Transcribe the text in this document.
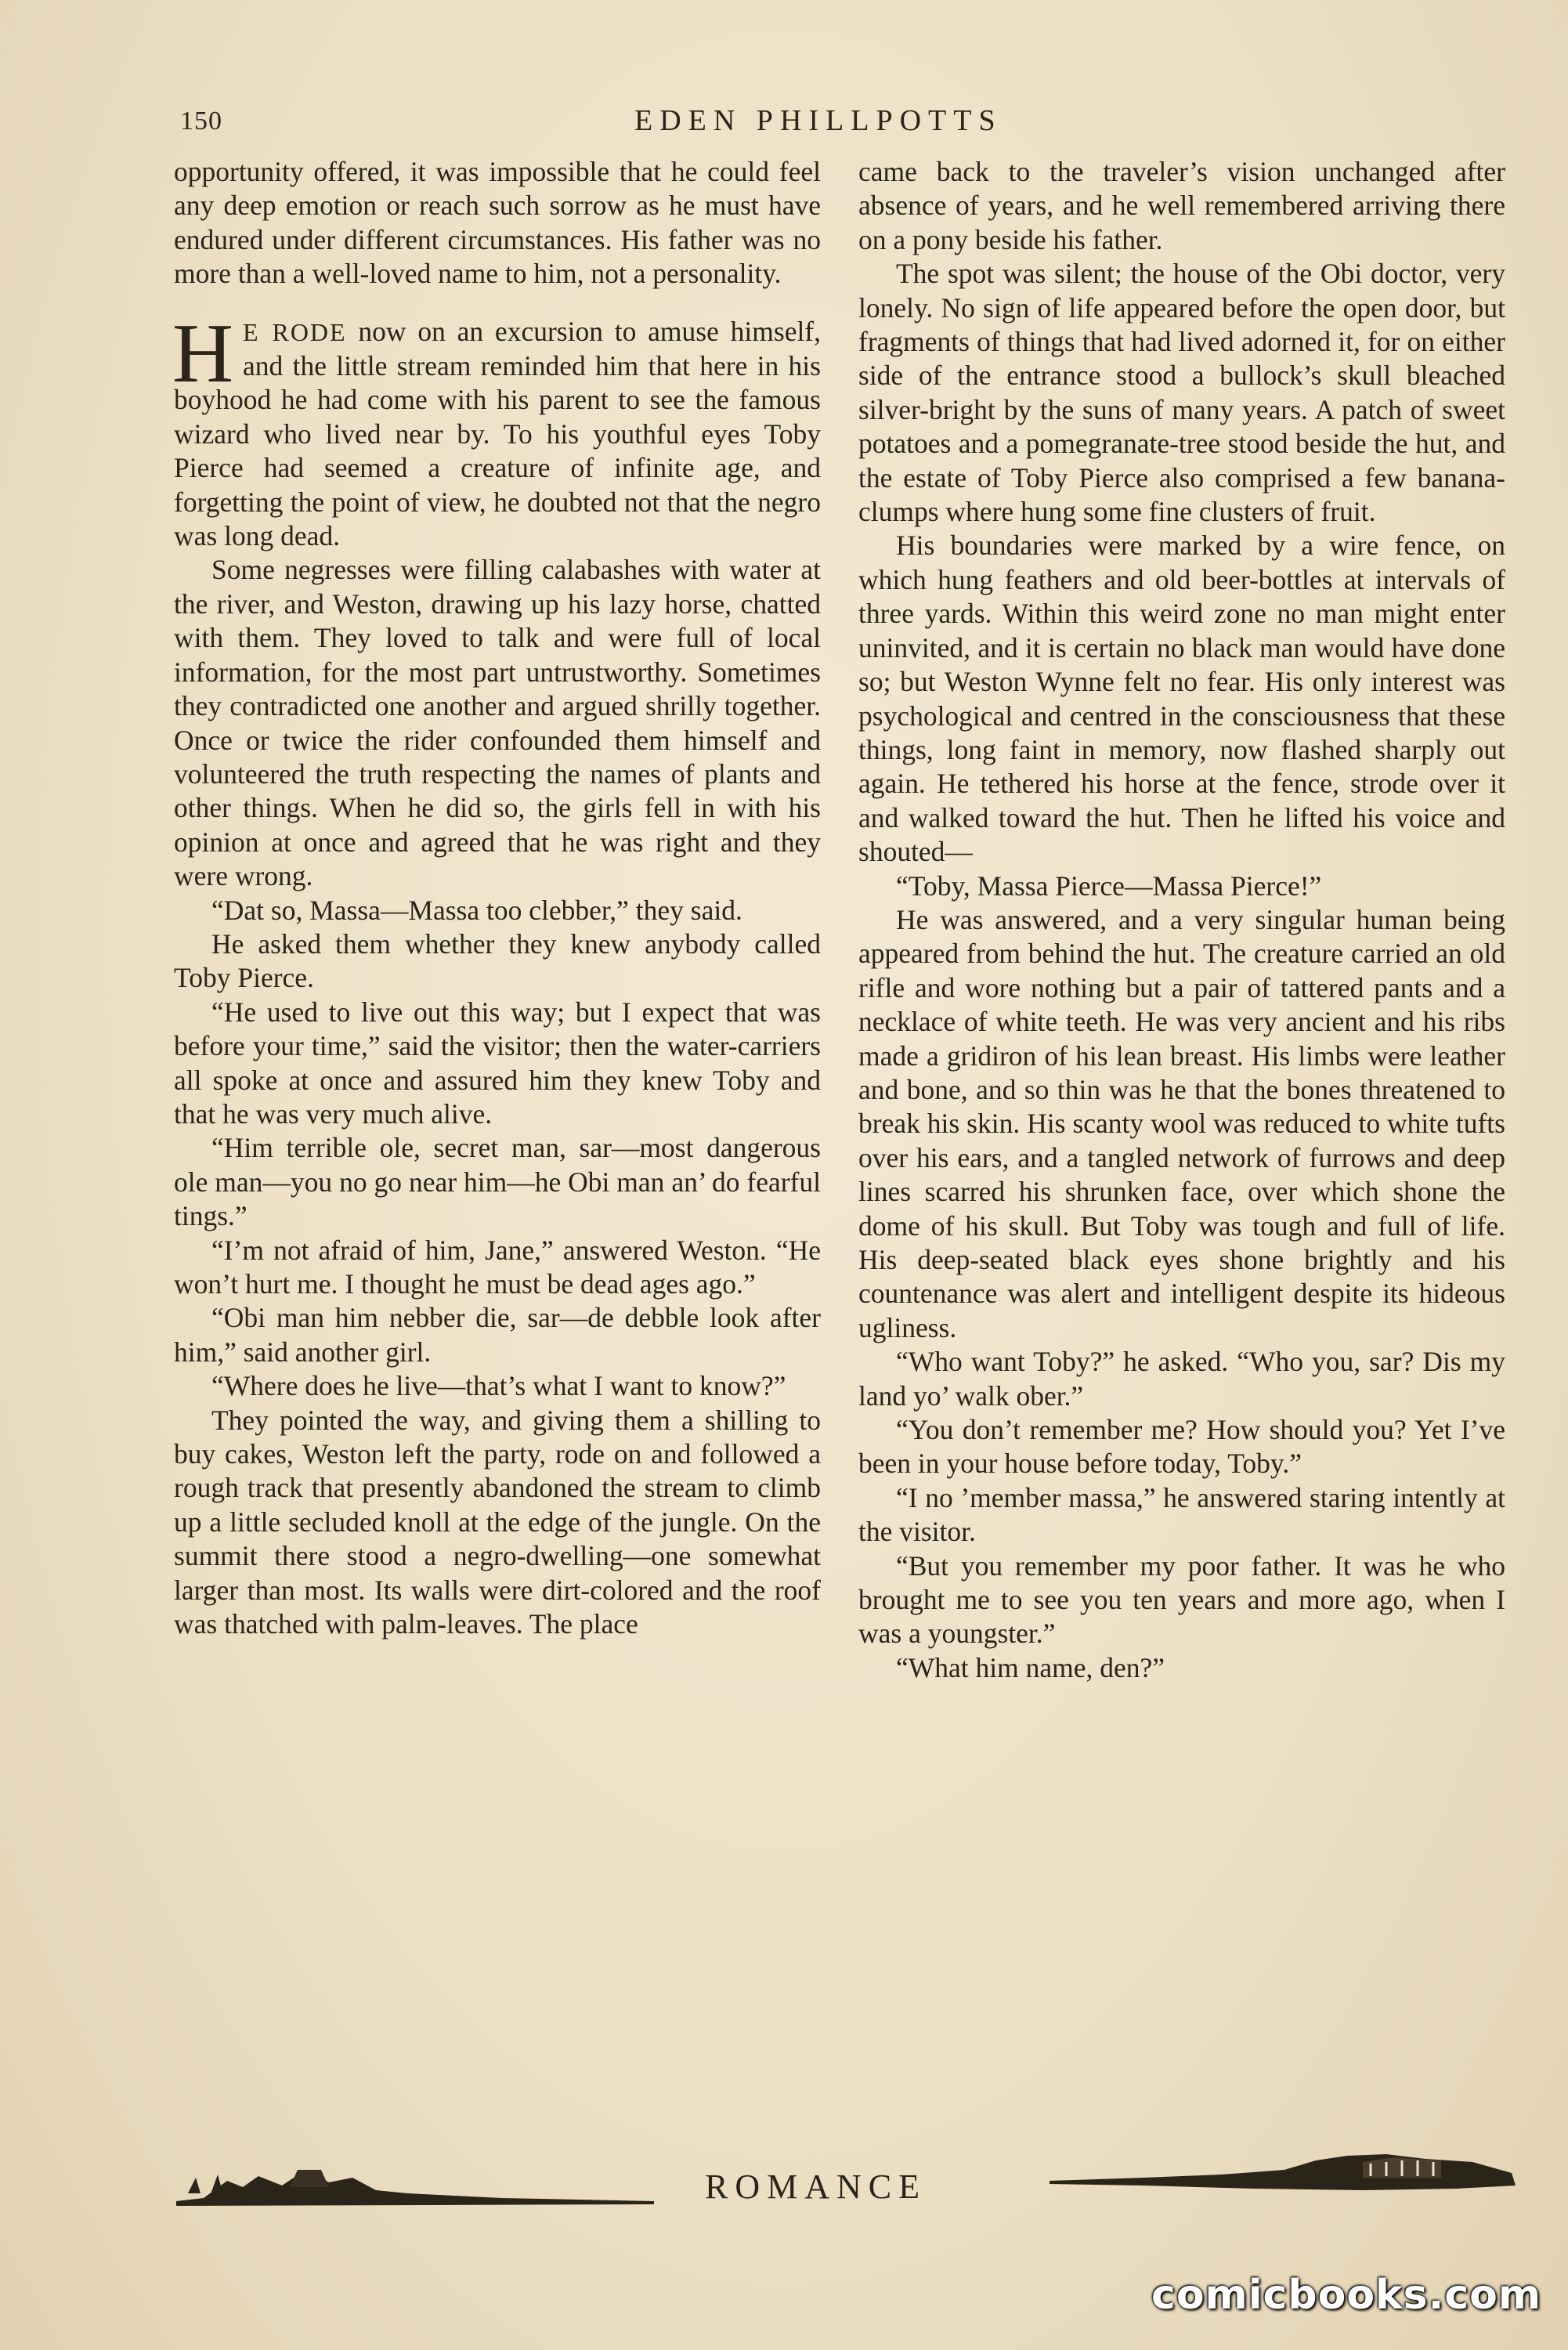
150	EDEN PHILLPOTTS

opportunity offered, it was impossible that he could feel any deep emotion or reach such sorrow as he must have endured under different circumstances. His father was no more than a well-loved name to him, not a personality.

H E RODE now on an excursion to amuse himself, and the little stream reminded him that here in his boyhood he had come with his parent to see the famous wizard who lived near by. To his youthful eyes Toby Pierce had seemed a creature of infinite age, and forgetting the point of view, he doubted not that the negro was long dead.

Some negresses were filling calabashes with water at the river, and Weston, drawing up his lazy horse, chatted with them. They loved to talk and were full of local information, for the most part untrustworthy. Sometimes they contradicted one another and argued shrilly together. Once or twice the rider confounded them himself and volunteered the truth respecting the names of plants and other things. When he did so, the girls fell in with his opinion at once and agreed that he was right and they were wrong.

“Dat so, Massa—Massa too clebber,” they said.

He asked them whether they knew anybody called Toby Pierce.

“He used to live out this way; but I expect that was before your time,” said the visitor; then the water-carriers all spoke at once and assured him they knew Toby and that he was very much alive.

“Him terrible ole, secret man, sar—most dangerous ole man—you no go near him—he Obi man an’ do fearful tings.”

“I’m not afraid of him, Jane,” answered Weston. “He won’t hurt me. I thought he must be dead ages ago.”

“Obi man him nebber die, sar—de debble look after him,” said another girl.

“Where does he live—that’s what I want to know?”

They pointed the way, and giving them a shilling to buy cakes, Weston left the party, rode on and followed a rough track that presently abandoned the stream to climb up a little secluded knoll at the edge of the jungle. On the summit there stood a negro-dwelling—one somewhat larger than most. Its walls were dirt-colored and the roof was thatched with palm-leaves. The place

came back to the traveler’s vision unchanged after absence of years, and he well remembered arriving there on a pony beside his father.

The spot was silent; the house of the Obi doctor, very lonely. No sign of life appeared before the open door, but fragments of things that had lived adorned it, for on either side of the entrance stood a bullock’s skull bleached silver-bright by the suns of many years. A patch of sweet potatoes and a pomegranate-tree stood beside the hut, and the estate of Toby Pierce also comprised a few banana-clumps where hung some fine clusters of fruit.

His boundaries were marked by a wire fence, on which hung feathers and old beer-bottles at intervals of three yards. Within this weird zone no man might enter uninvited, and it is certain no black man would have done so; but Weston Wynne felt no fear. His only interest was psychological and centred in the consciousness that these things, long faint in memory, now flashed sharply out again. He tethered his horse at the fence, strode over it and walked toward the hut. Then he lifted his voice and shouted—

“Toby, Massa Pierce—Massa Pierce!”

He was answered, and a very singular human being appeared from behind the hut. The creature carried an old rifle and wore nothing but a pair of tattered pants and a necklace of white teeth. He was very ancient and his ribs made a gridiron of his lean breast. His limbs were leather and bone, and so thin was he that the bones threatened to break his skin. His scanty wool was reduced to white tufts over his ears, and a tangled network of furrows and deep lines scarred his shrunken face, over which shone the dome of his skull. But Toby was tough and full of life. His deep-seated black eyes shone brightly and his countenance was alert and intelligent despite its hideous ugliness.

“Who want Toby?” he asked. “Who you, sar? Dis my land yo’ walk ober.”

“You don’t remember me? How should you? Yet I’ve been in your house before today, Toby.”

“I no ’member massa,” he answered staring intently at the visitor.

“But you remember my poor father. It was he who brought me to see you ten years and more ago, when I was a youngster.”

“What him name, den?”

ROMANCE
comicbooks.com
